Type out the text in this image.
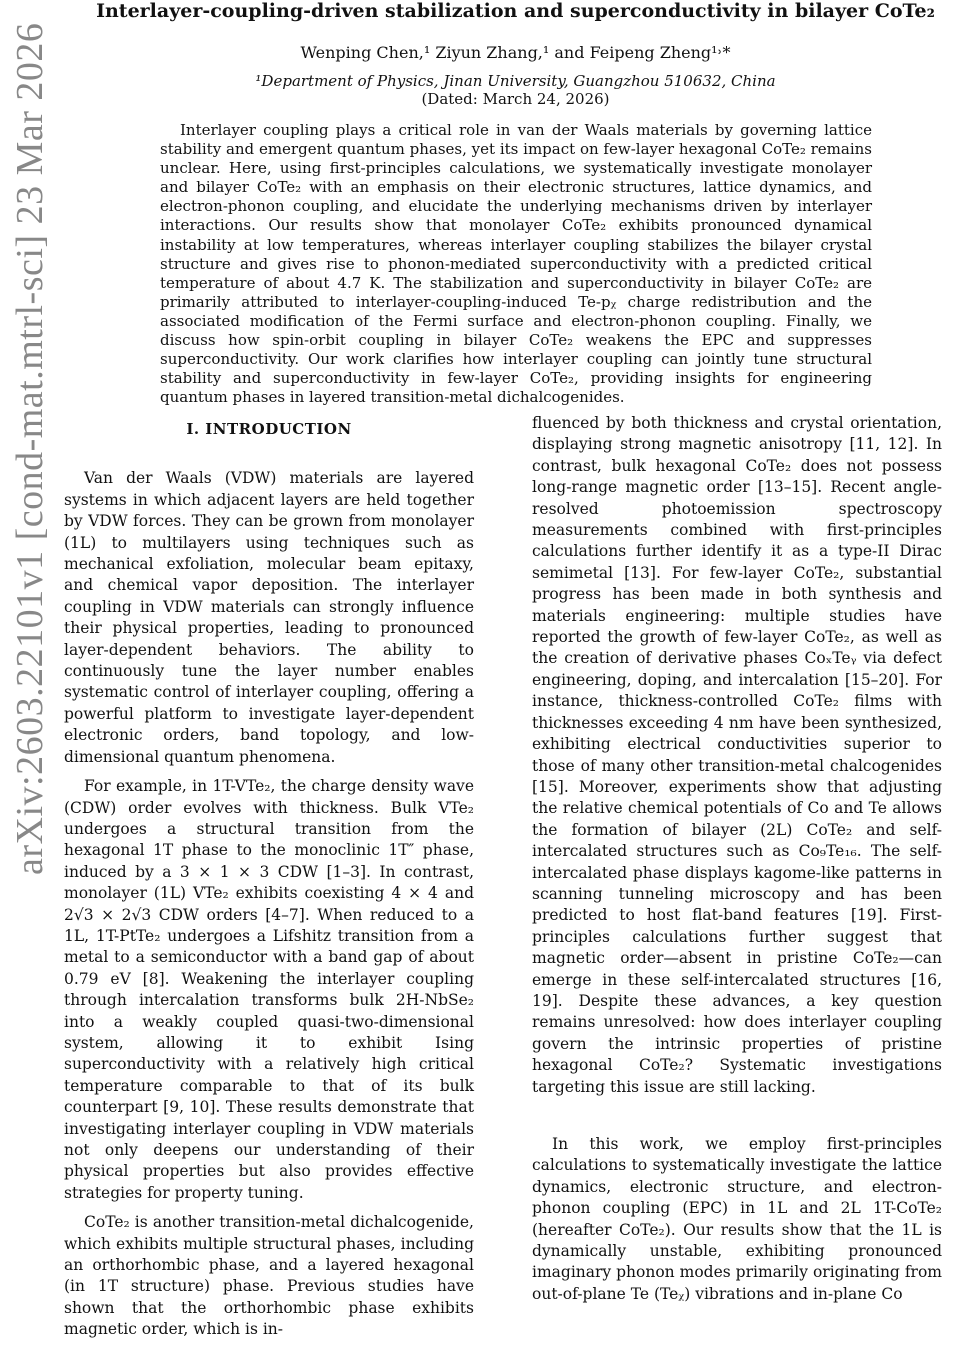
arXiv:2603.22101v1 [cond-mat.mtrl-sci] 23 Mar 2026
Interlayer-coupling-driven stabilization and superconductivity in bilayer CoTe₂
Wenping Chen,¹ Ziyun Zhang,¹ and Feipeng Zheng¹˒*
¹Department of Physics, Jinan University, Guangzhou 510632, China
(Dated: March 24, 2026)

Interlayer coupling plays a critical role in van der Waals materials by governing lattice stability and emergent quantum phases, yet its impact on few-layer hexagonal CoTe₂ remains unclear. Here, using first-principles calculations, we systematically investigate monolayer and bilayer CoTe₂ with an emphasis on their electronic structures, lattice dynamics, and electron-phonon coupling, and elucidate the underlying mechanisms driven by interlayer interactions. Our results show that monolayer CoTe₂ exhibits pronounced dynamical instability at low temperatures, whereas interlayer coupling stabilizes the bilayer crystal structure and gives rise to phonon-mediated superconductivity with a predicted critical temperature of about 4.7 K. The stabilization and superconductivity in bilayer CoTe₂ are primarily attributed to interlayer-coupling-induced Te-pᵪ charge redistribution and the associated modification of the Fermi surface and electron-phonon coupling. Finally, we discuss how spin-orbit coupling in bilayer CoTe₂ weakens the EPC and suppresses superconductivity. Our work clarifies how interlayer coupling can jointly tune structural stability and superconductivity in few-layer CoTe₂, providing insights for engineering quantum phases in layered transition-metal dichalcogenides.

I. INTRODUCTION

Van der Waals (VDW) materials are layered systems in which adjacent layers are held together by VDW forces. They can be grown from monolayer (1L) to multilayers using techniques such as mechanical exfoliation, molecular beam epitaxy, and chemical vapor deposition. The interlayer coupling in VDW materials can strongly influence their physical properties, leading to pronounced layer-dependent behaviors. The ability to continuously tune the layer number enables systematic control of interlayer coupling, offering a powerful platform to investigate layer-dependent electronic orders, band topology, and low-dimensional quantum phenomena.

For example, in 1T-VTe₂, the charge density wave (CDW) order evolves with thickness. Bulk VTe₂ undergoes a structural transition from the hexagonal 1T phase to the monoclinic 1T″ phase, induced by a 3 × 1 × 3 CDW [1–3]. In contrast, monolayer (1L) VTe₂ exhibits coexisting 4 × 4 and 2√3 × 2√3 CDW orders [4–7]. When reduced to a 1L, 1T-PtTe₂ undergoes a Lifshitz transition from a metal to a semiconductor with a band gap of about 0.79 eV [8]. Weakening the interlayer coupling through intercalation transforms bulk 2H-NbSe₂ into a weakly coupled quasi-two-dimensional system, allowing it to exhibit Ising superconductivity with a relatively high critical temperature comparable to that of its bulk counterpart [9, 10]. These results demonstrate that investigating interlayer coupling in VDW materials not only deepens our understanding of their physical properties but also provides effective strategies for property tuning.

CoTe₂ is another transition-metal dichalcogenide, which exhibits multiple structural phases, including an orthorhombic phase, and a layered hexagonal (in 1T structure) phase. Previous studies have shown that the orthorhombic phase exhibits magnetic order, which is in-

fluenced by both thickness and crystal orientation, displaying strong magnetic anisotropy [11, 12]. In contrast, bulk hexagonal CoTe₂ does not possess long-range magnetic order [13–15]. Recent angle-resolved photoemission spectroscopy measurements combined with first-principles calculations further identify it as a type-II Dirac semimetal [13]. For few-layer CoTe₂, substantial progress has been made in both synthesis and materials engineering: multiple studies have reported the growth of few-layer CoTe₂, as well as the creation of derivative phases CoₓTeᵧ via defect engineering, doping, and intercalation [15–20]. For instance, thickness-controlled CoTe₂ films with thicknesses exceeding 4 nm have been synthesized, exhibiting electrical conductivities superior to those of many other transition-metal chalcogenides [15]. Moreover, experiments show that adjusting the relative chemical potentials of Co and Te allows the formation of bilayer (2L) CoTe₂ and self-intercalated structures such as Co₉Te₁₆. The self-intercalated phase displays kagome-like patterns in scanning tunneling microscopy and has been predicted to host flat-band features [19]. First-principles calculations further suggest that magnetic order—absent in pristine CoTe₂—can emerge in these self-intercalated structures [16, 19]. Despite these advances, a key question remains unresolved: how does interlayer coupling govern the intrinsic properties of pristine hexagonal CoTe₂? Systematic investigations targeting this issue are still lacking.

In this work, we employ first-principles calculations to systematically investigate the lattice dynamics, electronic structure, and electron-phonon coupling (EPC) in 1L and 2L 1T-CoTe₂ (hereafter CoTe₂). Our results show that the 1L is dynamically unstable, exhibiting pronounced imaginary phonon modes primarily originating from out-of-plane Te (Teᵪ) vibrations and in-plane Co
